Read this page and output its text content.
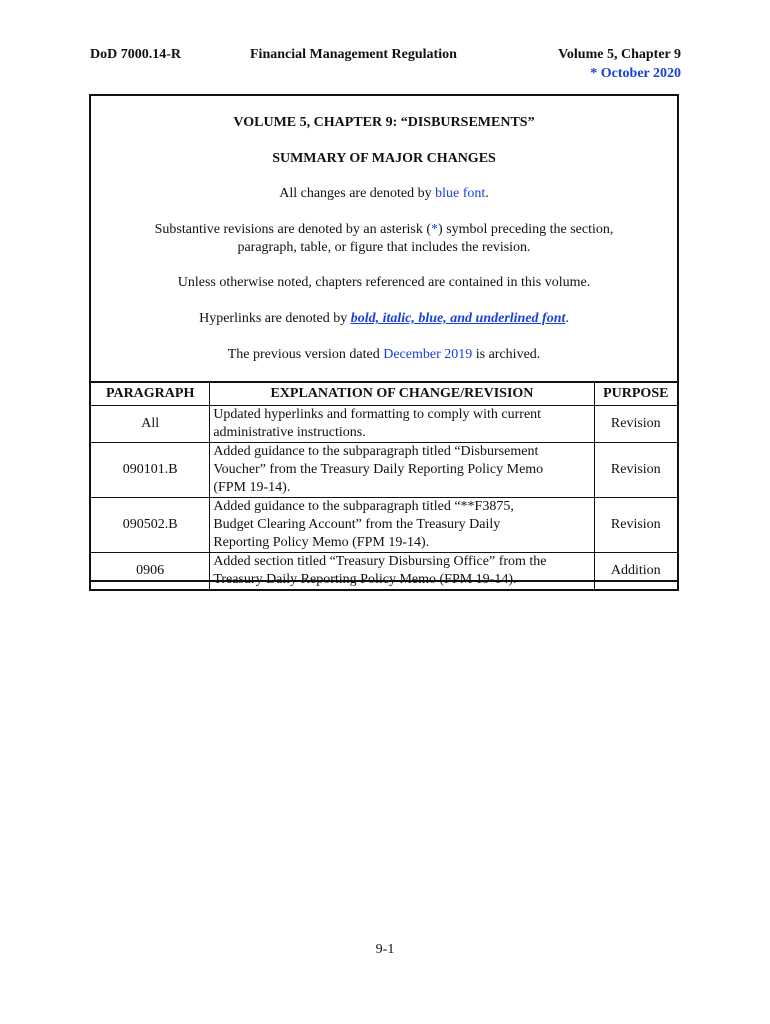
DoD 7000.14-R	Financial Management Regulation	Volume 5, Chapter 9
* October 2020
VOLUME 5, CHAPTER 9: “DISBURSEMENTS”
SUMMARY OF MAJOR CHANGES
All changes are denoted by blue font.
Substantive revisions are denoted by an asterisk (*) symbol preceding the section,
paragraph, table, or figure that includes the revision.
Unless otherwise noted, chapters referenced are contained in this volume.
Hyperlinks are denoted by bold, italic, blue, and underlined font.
The previous version dated December 2019 is archived.
PARAGRAPH	EXPLANATION OF CHANGE/REVISION	PURPOSE
All	Updated hyperlinks and formatting to comply with current
administrative instructions.	Revision
090101.B	Added guidance to the subparagraph titled “Disbursement
Voucher” from the Treasury Daily Reporting Policy Memo
(FPM 19-14).	Revision
090502.B	Added guidance to the subparagraph titled “**F3875,
Budget Clearing Account” from the Treasury Daily
Reporting Policy Memo (FPM 19-14).	Revision
0906	Added section titled “Treasury Disbursing Office” from the
Treasury Daily Reporting Policy Memo (FPM 19-14).	Addition
9-1
